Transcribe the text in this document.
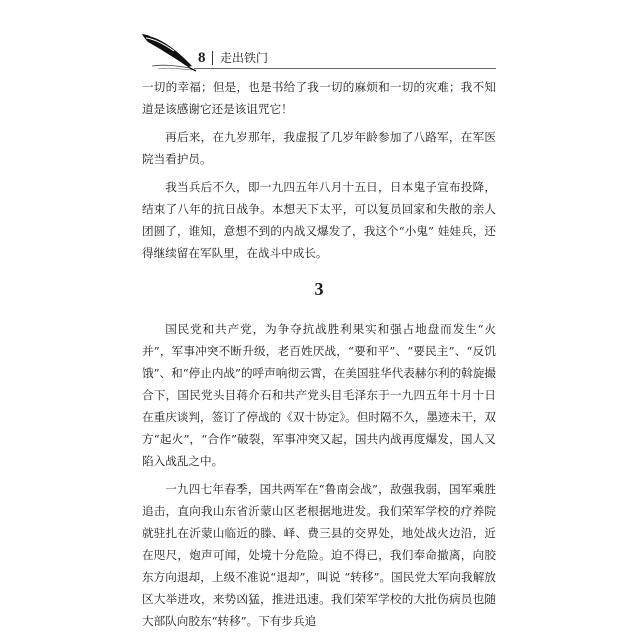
8 走出铁门

一切的幸福；但是，也是书给了我一切的麻烦和一切的灾难；我不知道是该感谢它还是该诅咒它！

再后来，在九岁那年，我虚报了几岁年龄参加了八路军，在军医院当看护员。

我当兵后不久，即一九四五年八月十五日，日本鬼子宣布投降，结束了八年的抗日战争。本想天下太平，可以复员回家和失散的亲人团圆了，谁知，意想不到的内战又爆发了，我这个“小鬼” 娃娃兵，还得继续留在军队里，在战斗中成长。

3

国民党和共产党，为争夺抗战胜利果实和强占地盘而发生“火并”，军事冲突不断升级，老百姓厌战，“要和平”、“要民主”、“反饥饿”、和“停止内战”的呼声响彻云霄，在美国驻华代表赫尔利的斡旋撮合下，国民党头目蒋介石和共产党头目毛泽东于一九四五年十月十日在重庆谈判，签订了停战的《双十协定》。但时隔不久，墨迹未干，双方“起火”，“合作”破裂，军事冲突又起，国共内战再度爆发，国人又陷入战乱之中。

一九四七年春季，国共两军在“鲁南会战”，敌强我弱，国军乘胜追击，直向我山东省沂蒙山区老根据地进发。我们荣军学校的疗养院就驻扎在沂蒙山临近的滕、峄、费三县的交界处，地处战火边沿，近在咫尺，炮声可闻，处境十分危险。迫不得已，我们奉命撤离，向胶东方向退却，上级不准说“退却”，叫说 “转移”。国民党大军向我解放区大举进攻，来势凶猛，推进迅速。我们荣军学校的大批伤病员也随大部队向胶东“转移”。下有步兵追
